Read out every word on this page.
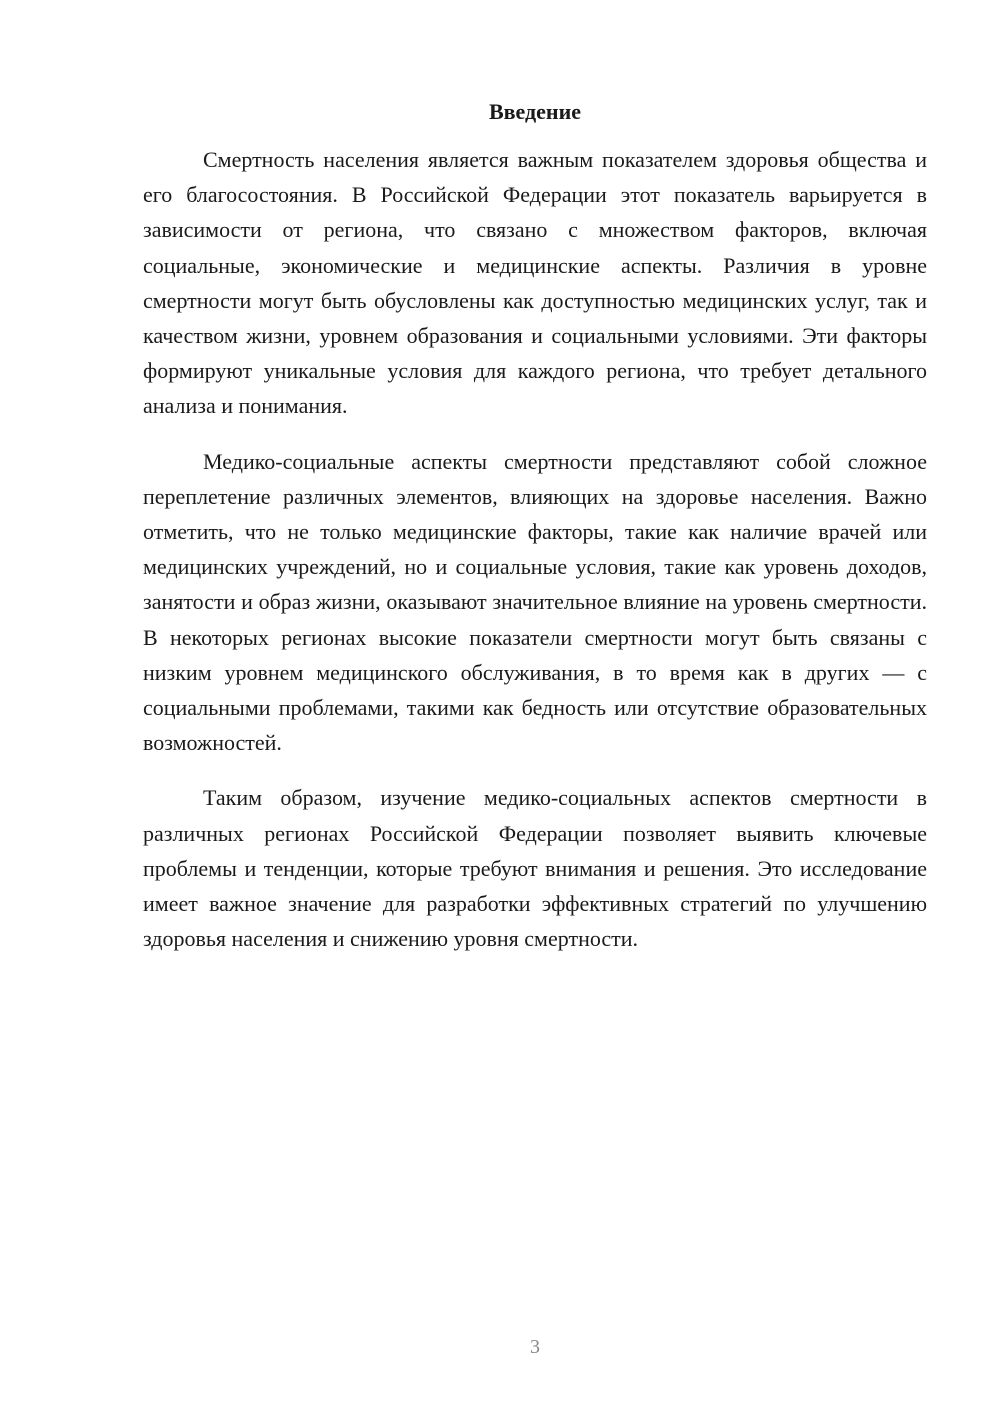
Введение

Смертность населения является важным показателем здоровья общества и его благосостояния. В Российской Федерации этот показатель варьируется в зависимости от региона, что связано с множеством факторов, включая социальные, экономические и медицинские аспекты. Различия в уровне смертности могут быть обусловлены как доступностью медицинских услуг, так и качеством жизни, уровнем образования и социальными условиями. Эти факторы формируют уникальные условия для каждого региона, что требует детального анализа и понимания.

Медико-социальные аспекты смертности представляют собой сложное переплетение различных элементов, влияющих на здоровье населения. Важно отметить, что не только медицинские факторы, такие как наличие врачей или медицинских учреждений, но и социальные условия, такие как уровень доходов, занятости и образ жизни, оказывают значительное влияние на уровень смертности. В некоторых регионах высокие показатели смертности могут быть связаны с низким уровнем медицинского обслуживания, в то время как в других — с социальными проблемами, такими как бедность или отсутствие образовательных возможностей.

Таким образом, изучение медико-социальных аспектов смертности в различных регионах Российской Федерации позволяет выявить ключевые проблемы и тенденции, которые требуют внимания и решения. Это исследование имеет важное значение для разработки эффективных стратегий по улучшению здоровья населения и снижению уровня смертности.

3
